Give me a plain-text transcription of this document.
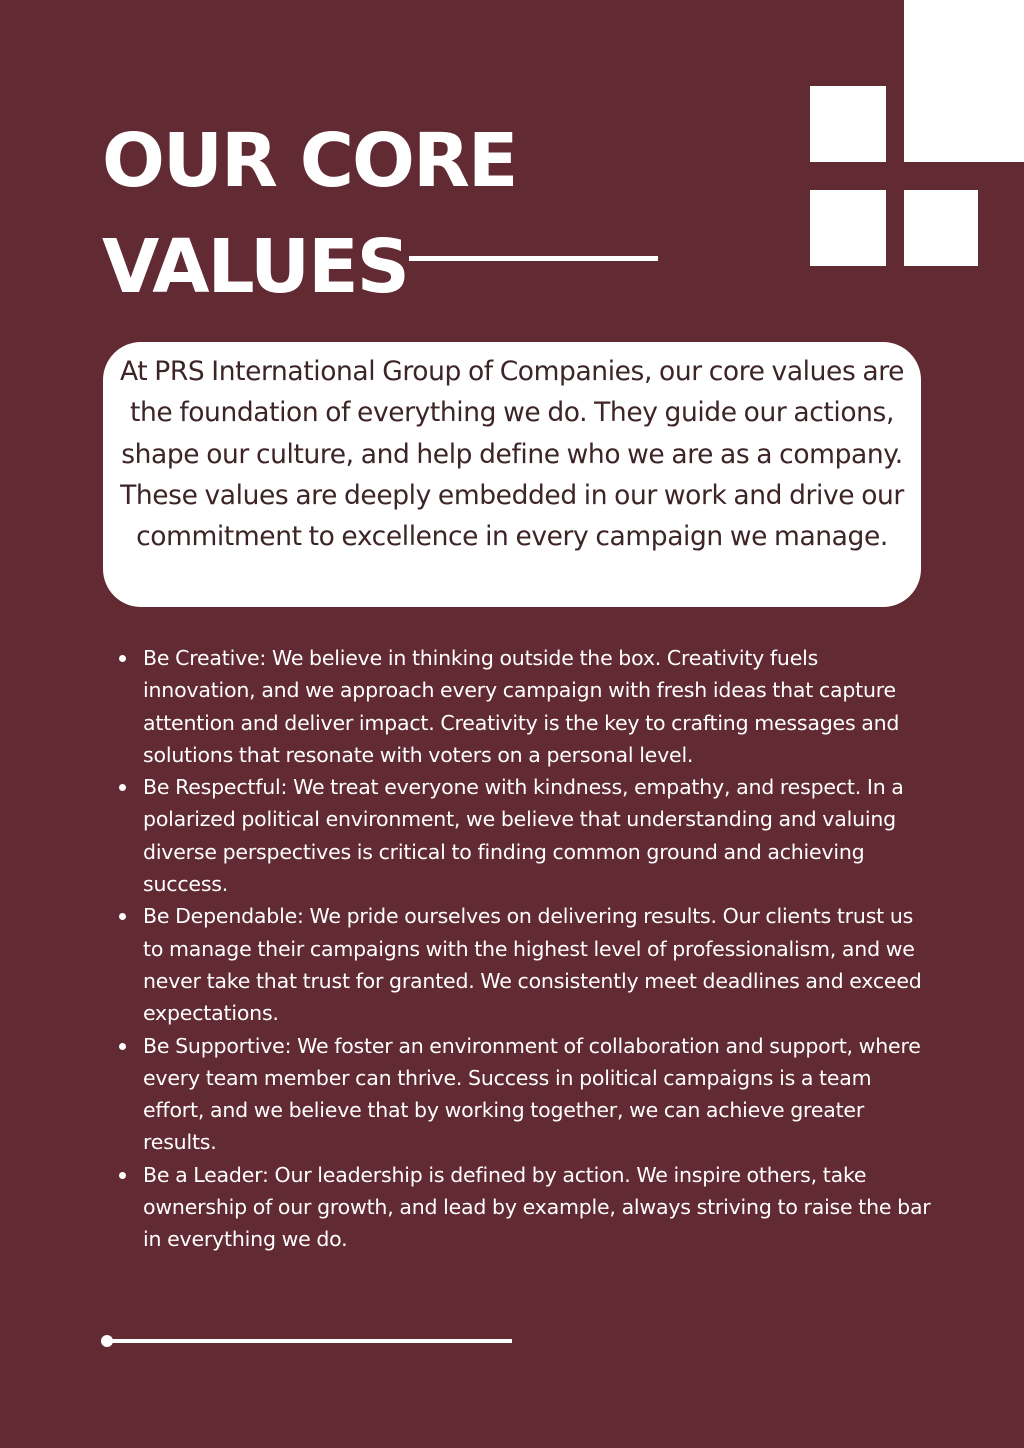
OUR CORE
VALUES
At PRS International Group of Companies, our core values are the foundation of everything we do. They guide our actions, shape our culture, and help define who we are as a company. These values are deeply embedded in our work and drive our commitment to excellence in every campaign we manage.
Be Creative: We believe in thinking outside the box. Creativity fuels innovation, and we approach every campaign with fresh ideas that capture attention and deliver impact. Creativity is the key to crafting messages and solutions that resonate with voters on a personal level.
Be Respectful: We treat everyone with kindness, empathy, and respect. In a polarized political environment, we believe that understanding and valuing diverse perspectives is critical to finding common ground and achieving success.
Be Dependable: We pride ourselves on delivering results. Our clients trust us to manage their campaigns with the highest level of professionalism, and we never take that trust for granted. We consistently meet deadlines and exceed expectations.
Be Supportive: We foster an environment of collaboration and support, where every team member can thrive. Success in political campaigns is a team effort, and we believe that by working together, we can achieve greater results.
Be a Leader: Our leadership is defined by action. We inspire others, take ownership of our growth, and lead by example, always striving to raise the bar in everything we do.
